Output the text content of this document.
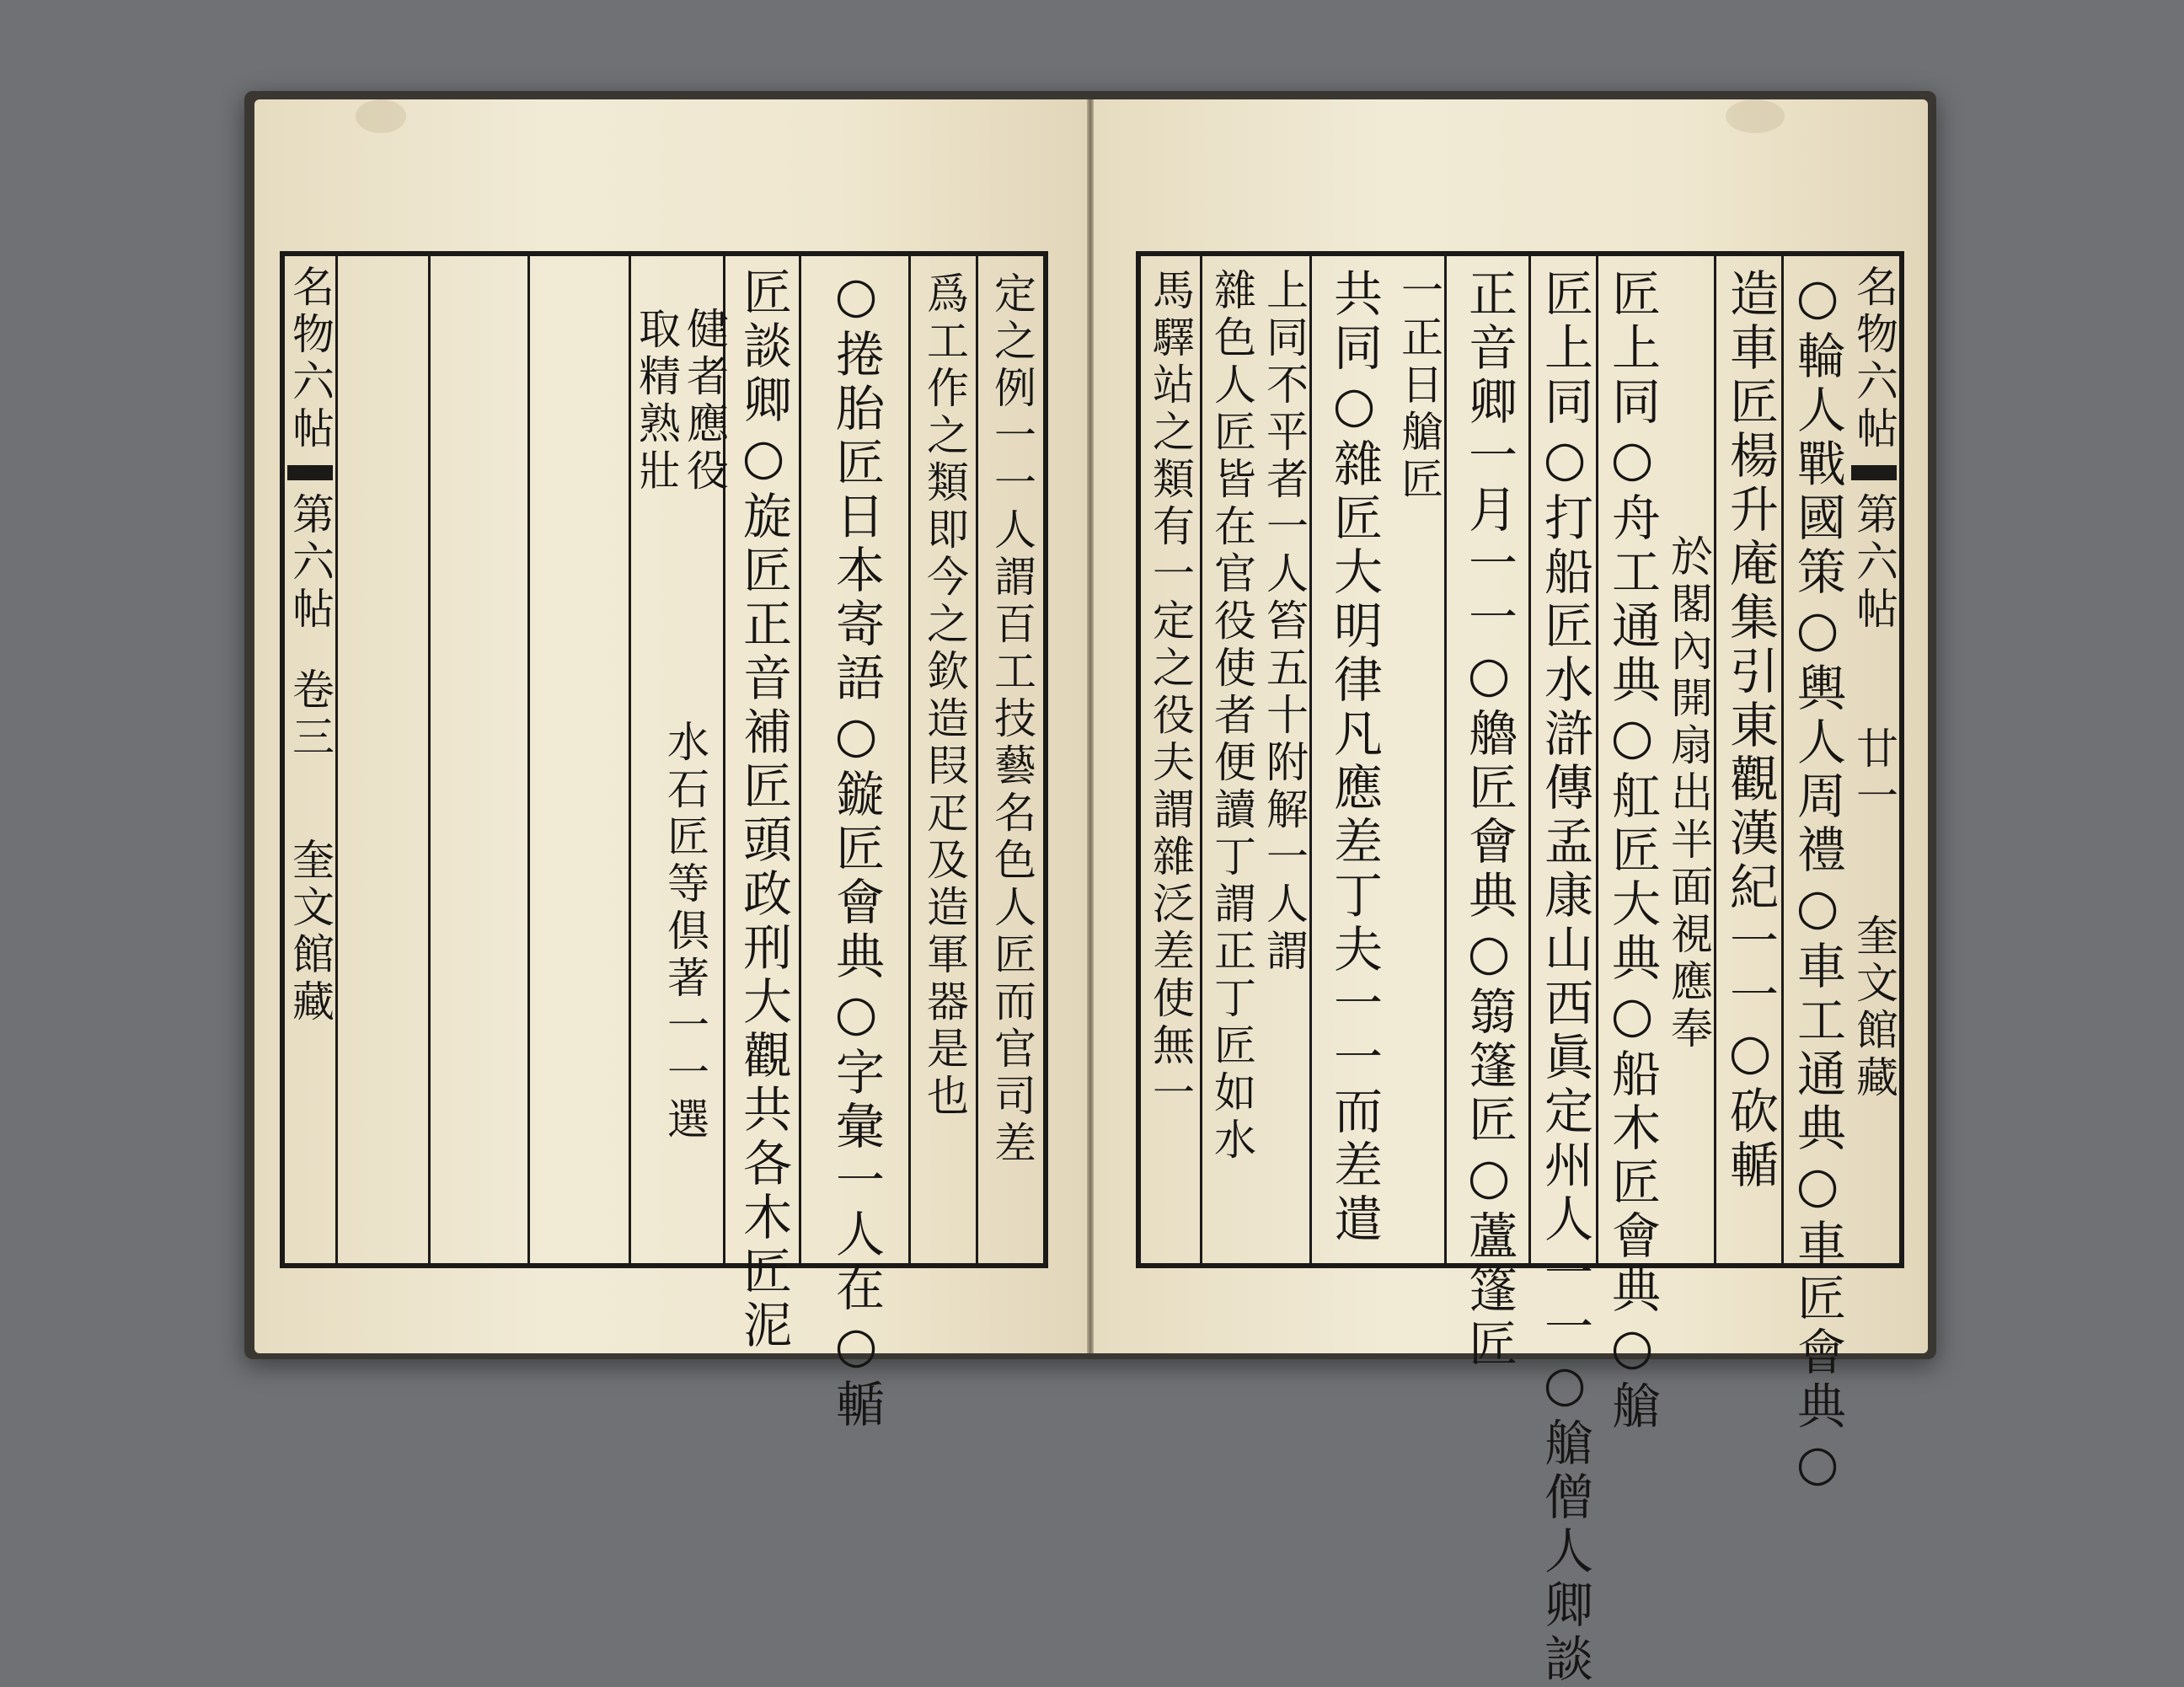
名物六帖
第六帖
卷三
奎文館藏	定之例一一人謂百工技藝名色人匠而官司差
爲工作之類即今之欽造叚疋及造軍器是也
○捲胎匠日本寄語○鏇匠會典○字彙一人在○輴
匠談卿○旋匠正音補匠頭政刑大觀共各木匠泥
水石匠等倶著一一選
取精熟壯 健者應役	名物六帖
第六帖
廿一
奎文館藏
○輪人戰國策○輿人周禮○車工通典○車匠會典○
造車匠楊升庵集引東觀漢紀一一○砍輴
於閣內開扇出半面視應奉
匠上同○舟工通典○舡匠大典○船木匠會典○艙
匠上同○打船匠水滸傳孟康山西眞定州人一一○艙僧人卿談
正音卿一月一一○艪匠會典○篛篷匠○蘆篷匠
一正日艙匠
共同○雜匠大明律凡應差丁夫一一而差遣
上同不平者一人笞五十附解一人謂
雜色人匠皆在官役使者便讀丁謂正丁匠如水
馬驛站之類有一定之役夫謂雜泛差使無一
